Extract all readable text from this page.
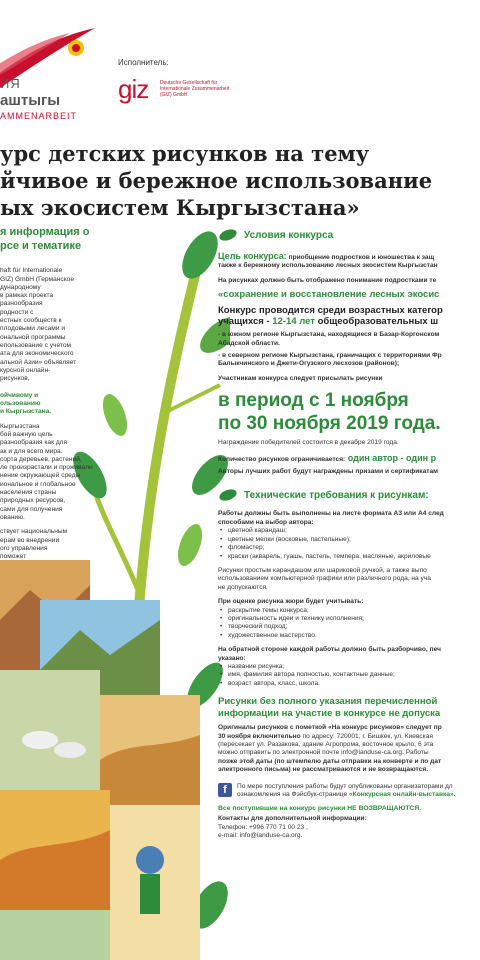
ИЯ
аштыгы
AMMENARBEIT
Исполнитель:
giz Deutsche Gesellschaft für Internationale Zusammenarbeit (GIZ) GmbH
урс детских рисунков на тему
йчивое и бережное использование
ых экосистем Кыргызстана»
я информация о
рсе и тематике

haft für Internationale
GIZ) GmbH (Германское
дународному
в рамках проекта
разнообразия
родности с
естных сообществ к
плодовыми лесами и
ональной программы
епользование с учетом
ата для экономического
альной Азии» объявляет
курсной онлайн-
рисунков,

ойчивому и
ользованию
и Кыргызстана.

Кыргызстана
бой важную цель
разнообразия как для
ак и для всего мира.
сорта деревьев, растений,
ле произрастали и проживали
нение окружающей среды
иональное и глобальное
населения страны
природных ресурсов,
сами для получения
ованию.
ствует национальным
ерам во внедрении
ого управления
поможет

Условия конкурса
Цель конкурса: приобщение подростков и юношества к защ
также к бережному использованию лесных экосистем Кыргызстан
На рисунках должно быть отображено понимание подростками те
«сохранение и восстановление лесных экосис
Конкурс проводится среди возрастных категор
учащихся - 12-14 лет общеобразовательных ш
- в южном регионе Кыргызстана, находящиеся в Базар-Коргонском
Абадской области.
- в северном регионе Кыргызстана, граничащих с территориями Фр
Балыкчинского и Джети-Огузского лесхозов (районов);
Участникам конкурса следует присылать рисунки
в период с 1 ноября
по 30 ноября 2019 года.
Награждение победителей состоится в декабре 2019 года.
Количество рисунков ограничивается: один автор - один р
Авторы лучших работ будут награждены призами и сертификатам
Технические требования к рисункам:
Работы должны быть выполнены на листе формата А3 или А4 след
способами на выбор автора:
• цветной карандаш;
• цветные мелки (восковые, пастельные);
• фломастер;
• краски (акварель, гуашь, пастель, темпера, масляные, акриловые
Рисунки простым карандашом или шариковой ручкой, а также выпо
использованием компьютерной графики или различного рода, на уча
не допускаются.
При оценке рисунка жюри будет учитывать:
• раскрытие темы конкурса;
• оригинальность идеи и технику исполнения;
• творческий подход;
• художественное мастерство.
На обратной стороне каждой работы должно быть разборчиво, печ
указано:
• название рисунка;
• имя, фамилия автора полностью, контактные данные;
• возраст автора, класс, школа.
Рисунки без полного указания перечисленной
информации на участие в конкурсе не допуска
Оригиналы рисунков с пометкой «На конкурс рисунков» следует пр
30 ноября включительно по адресу: 720001, г. Бишкек, ул. Киевская
(пересекает ул. Раззакова, здание Агропрома, восточное крыло, 6 эта
можно отправить по электронной почте info@landuse-ca.org. Работы
позже этой даты (по штемпелю даты отправки на конверте и по дат
электронного письма) не рассматриваются и не возвращаются.
f	По мере поступления работы будут опубликованы организаторами дл
ознакомления на Фэйсбук-странице «Конкурсная онлайн-выставка».
Все поступившие на конкурс рисунки НЕ ВОЗВРАЩАЮТСЯ.
Контакты для дополнительной информации:
Телефон: +996 770 71 00 23 ,
e-mail: info@landuse-ca.org.
